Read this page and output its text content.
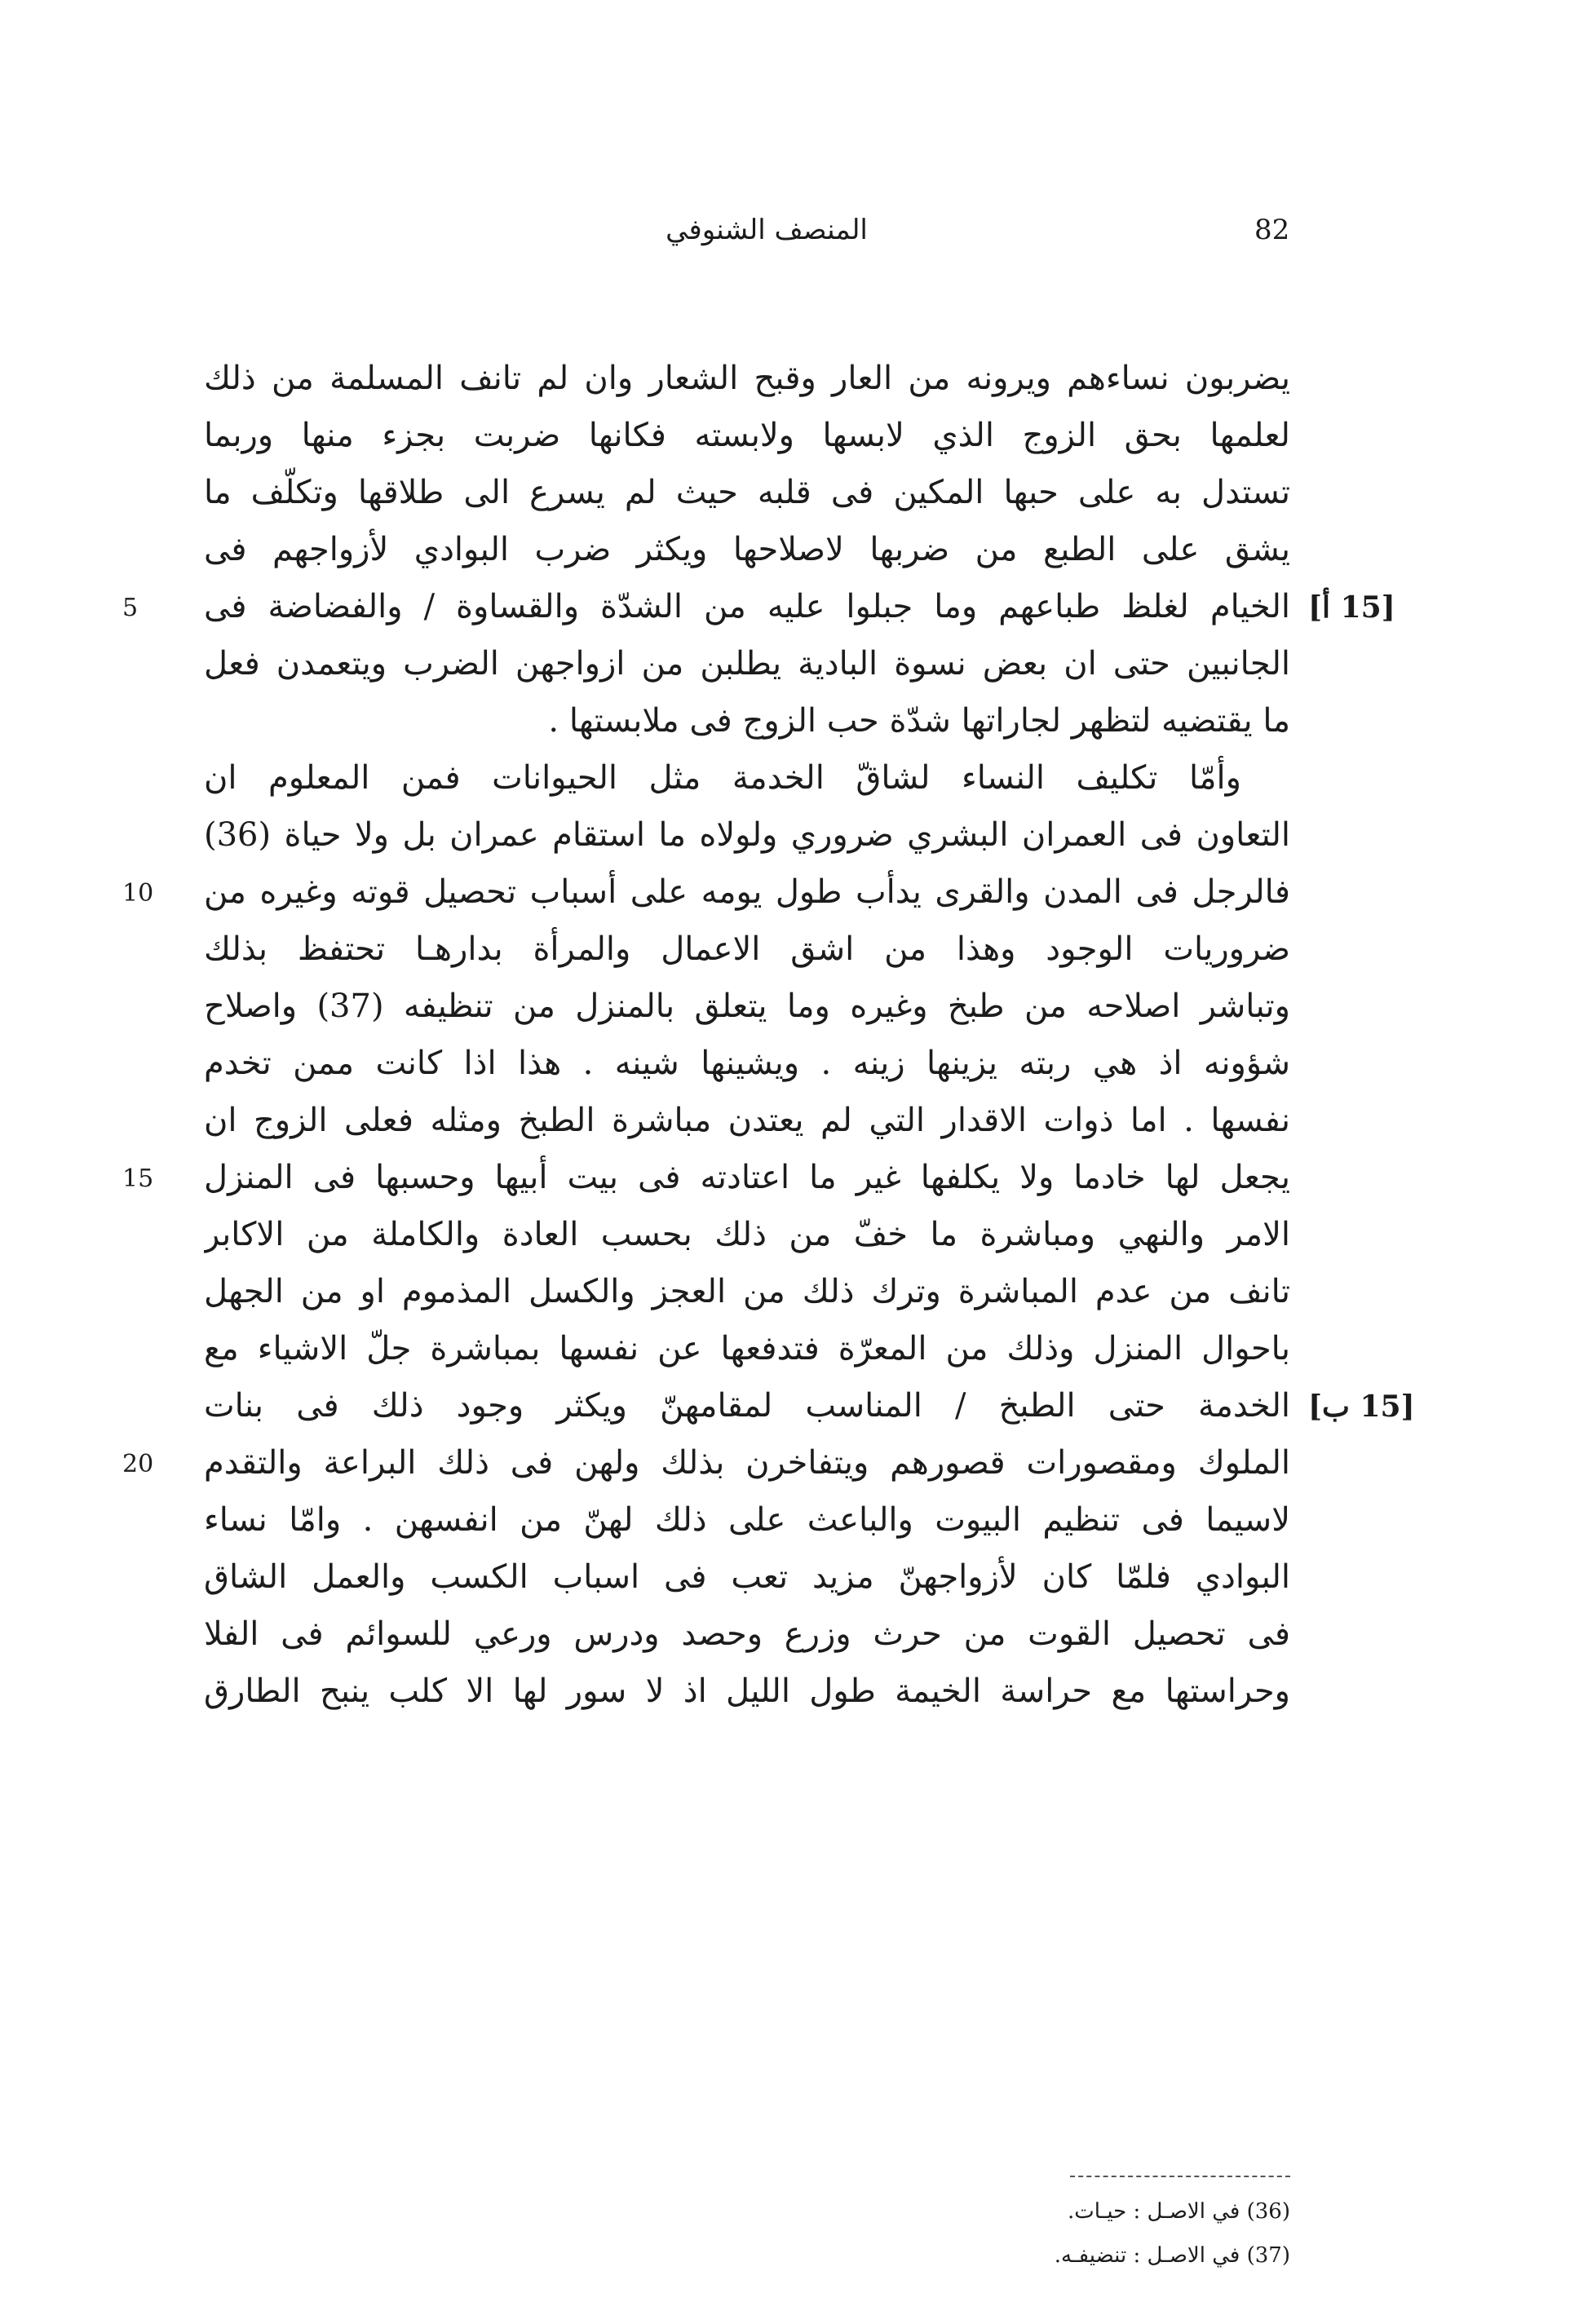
82
المنصف الشنوفي
يضربون نساءهم ويرونه من العار وقبح الشعار وان لم تانف المسلمة من ذلك
لعلمها بحق الزوج الذي لابسها ولابسته فكانها ضربت بجزء منها وربما
تستدل به على حبها المكين فى قلبه حيث لم يسرع الى طلاقها وتكلّف ما
يشق على الطبع من ضربها لاصلاحها ويكثر ضرب البوادي لأزواجهم فى
الخيام لغلظ طباعهم وما جبلوا عليه من الشدّة والقساوة / والفضاضة فى
الجانبين حتى ان بعض نسوة البادية يطلبن من ازواجهن الضرب ويتعمدن فعل
ما يقتضيه لتظهر لجاراتها شدّة حب الزوج فى ملابستها .
وأمّا تكليف النساء لشاقّ الخدمة مثل الحيوانات فمن المعلوم ان
التعاون فى العمران البشري ضروري ولولاه ما استقام عمران بل ولا حياة (36)
فالرجل فى المدن والقرى يدأب طول يومه على أسباب تحصيل قوته وغيره من
ضروريات الوجود وهذا من اشق الاعمال والمرأة بدارهـا تحتفظ بذلك
وتباشر اصلاحه من طبخ وغيره وما يتعلق بالمنزل من تنظيفه (37) واصلاح
شؤونه اذ هي ربته يزينها زينه . ويشينها شينه . هذا اذا كانت ممن تخدم
نفسها . اما ذوات الاقدار التي لم يعتدن مباشرة الطبخ ومثله فعلى الزوج ان
يجعل لها خادما ولا يكلفها غير ما اعتادته فى بيت أبيها وحسبها فى المنزل
الامر والنهي ومباشرة ما خفّ من ذلك بحسب العادة والكاملة من الاكابر
تانف من عدم المباشرة وترك ذلك من العجز والكسل المذموم او من الجهل
باحوال المنزل وذلك من المعرّة فتدفعها عن نفسها بمباشرة جلّ الاشياء مع
الخدمة حتى الطبخ / المناسب لمقامهنّ ويكثر وجود ذلك فى بنات
الملوك ومقصورات قصورهم ويتفاخرن بذلك ولهن فى ذلك البراعة والتقدم
لاسيما فى تنظيم البيوت والباعث على ذلك لهنّ من انفسهن . وامّا نساء
البوادي فلمّا كان لأزواجهنّ مزيد تعب فى اسباب الكسب والعمل الشاق
فى تحصيل القوت من حرث وزرع وحصد ودرس ورعي للسوائم فى الفلا
وحراستها مع حراسة الخيمة طول الليل اذ لا سور لها الا كلب ينبح الطارق
5
10
15
20
[15 أ]
[15 ب]
(36) في الاصـل : حيـات.
(37) في الاصـل : تنضيفـه.
